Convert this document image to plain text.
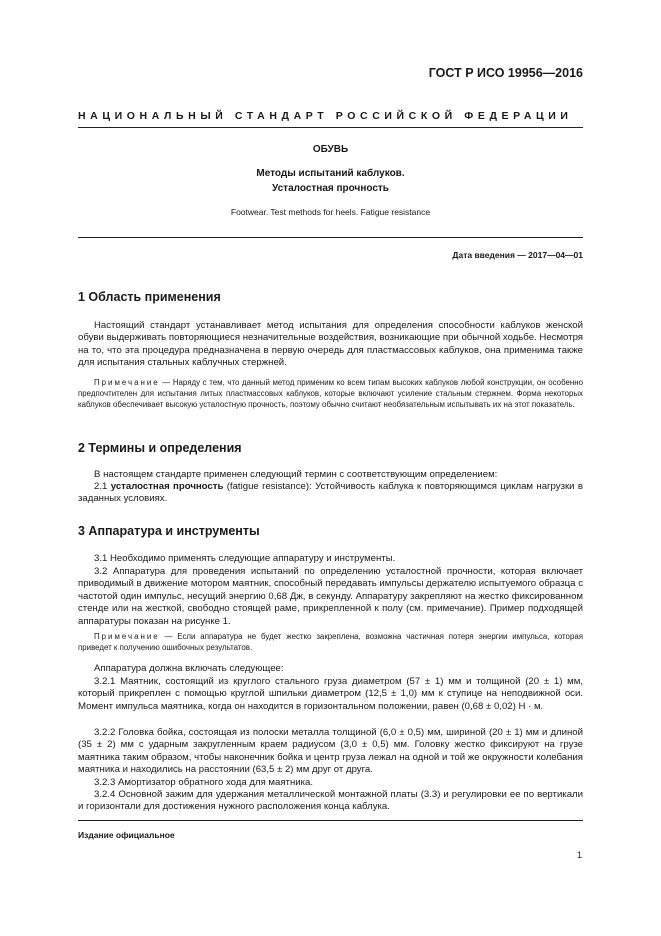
ГОСТ Р ИСО 19956—2016
НАЦИОНАЛЬНЫЙ СТАНДАРТ РОССИЙСКОЙ ФЕДЕРАЦИИ
ОБУВЬ
Методы испытаний каблуков.
Усталостная прочность
Footwear. Test methods for heels. Fatigue resistance
Дата введения — 2017—04—01
1 Область применения
Настоящий стандарт устанавливает метод испытания для определения способности каблуков женской обуви выдерживать повторяющиеся незначительные воздействия, возникающие при обычной ходьбе. Несмотря на то, что эта процедура предназначена в первую очередь для пластмассовых каблуков, она применима также для испытания стальных каблучных стержней.
Примечание — Наряду с тем, что данный метод применим ко всем типам высоких каблуков любой конструкции, он особенно предпочтителен для испытания литых пластмассовых каблуков, которые включают усиление стальным стержнем. Форма некоторых каблуков обеспечивает высокую усталостную прочность, поэтому обычно считают необязательным испытывать их на этот показатель.
2 Термины и определения
В настоящем стандарте применен следующий термин с соответствующим определением:
2.1 усталостная прочность (fatigue resistance): Устойчивость каблука к повторяющимся циклам нагрузки в заданных условиях.
3 Аппаратура и инструменты
3.1 Необходимо применять следующие аппаратуру и инструменты.
3.2 Аппаратура для проведения испытаний по определению усталостной прочности, которая включает приводимый в движение мотором маятник, способный передавать импульсы держателю испытуемого образца с частотой один импульс, несущий энергию 0,68 Дж, в секунду. Аппаратуру закрепляют на жестко фиксированном стенде или на жесткой, свободно стоящей раме, прикрепленной к полу (см. примечание). Пример подходящей аппаратуры показан на рисунке 1.
Примечание — Если аппаратура не будет жестко закреплена, возможна частичная потеря энергии импульса, которая приведет к получению ошибочных результатов.
Аппаратура должна включать следующее:
3.2.1 Маятник, состоящий из круглого стального груза диаметром (57 ± 1) мм и толщиной (20 ± 1) мм, который прикреплен с помощью круглой шпильки диаметром (12,5 ± 1,0) мм к ступице на неподвижной оси. Момент импульса маятника, когда он находится в горизонтальном положении, равен (0,68 ± 0,02) Н · м.
3.2.2 Головка бойка, состоящая из полоски металла толщиной (6,0 ± 0,5) мм, шириной (20 ± 1) мм и длиной (35 ± 2) мм с ударным закругленным краем радиусом (3,0 ± 0,5) мм. Головку жестко фиксируют на грузе маятника таким образом, чтобы наконечник бойка и центр груза лежал на одной и той же окружности колебания маятника и находились на расстоянии (63,5 ± 2) мм друг от друга.
3.2.3 Амортизатор обратного хода для маятника.
3.2.4 Основной зажим для удержания металлической монтажной платы (3.3) и регулировки ее по вертикали и горизонтали для достижения нужного расположения конца каблука.
Издание официальное
1
